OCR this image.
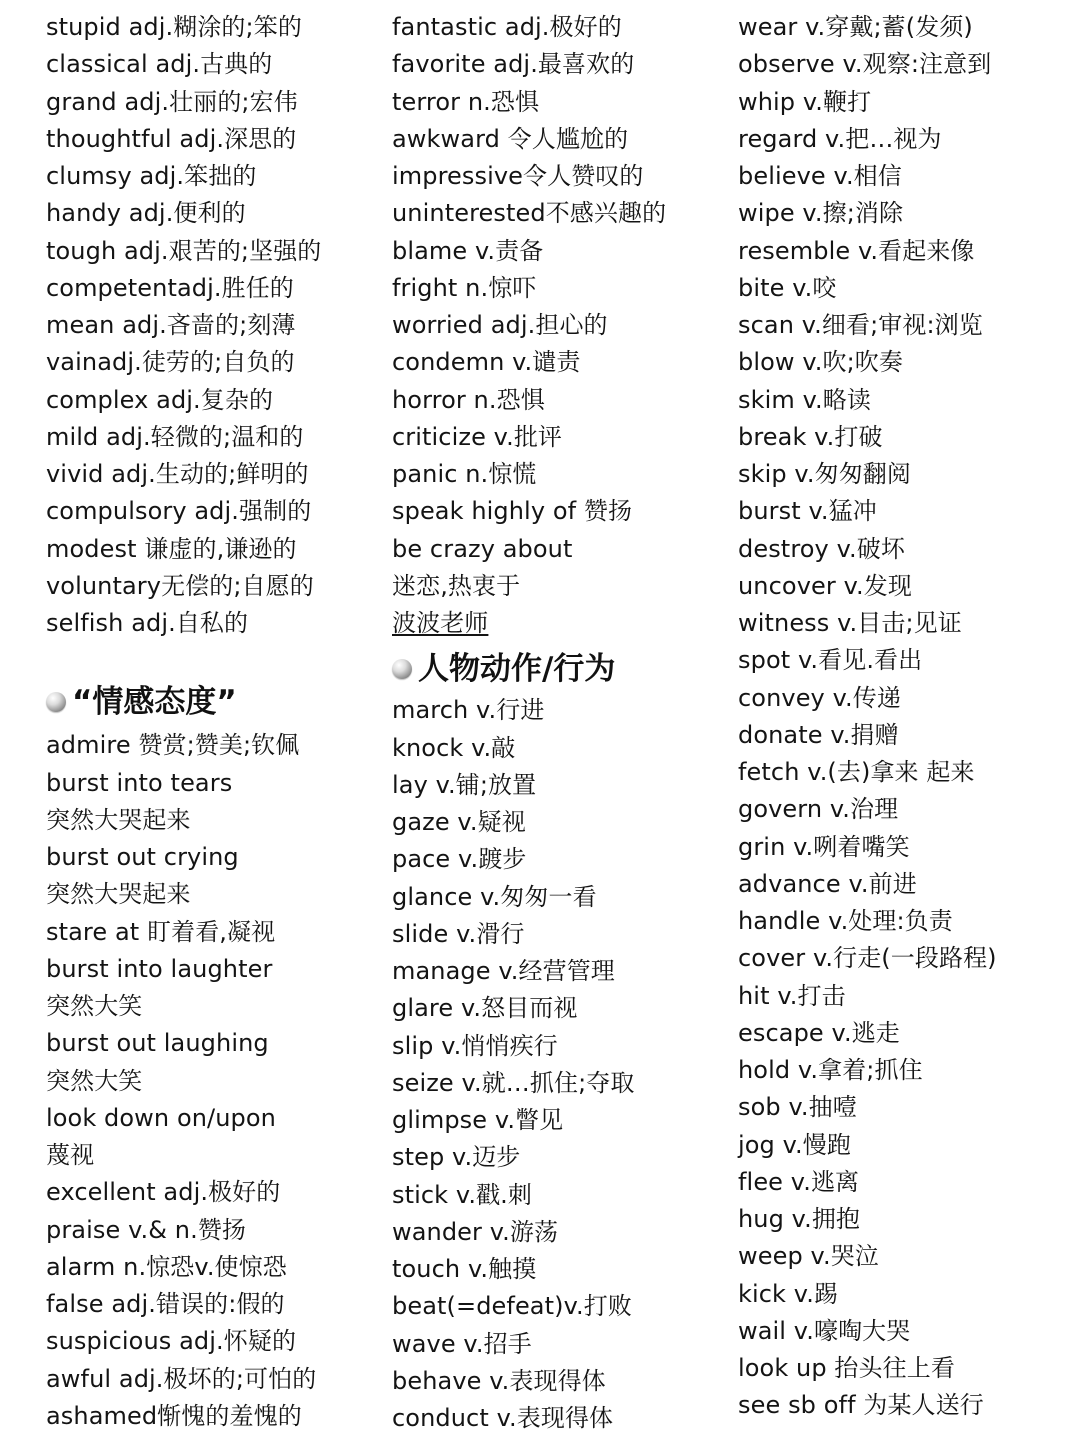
stupid adj.糊涂的;笨的
classical adj.古典的
grand adj.壮丽的;宏伟
thoughtful adj.深思的
clumsy adj.笨拙的
handy adj.便利的
tough adj.艰苦的;坚强的
competentadj.胜任的
mean adj.吝啬的;刻薄
vainadj.徒劳的;自负的
complex adj.复杂的
mild adj.轻微的;温和的
vivid adj.生动的;鲜明的
compulsory adj.强制的
modest 谦虚的,谦逊的
voluntary无偿的;自愿的
selfish adj.自私的
“情感态度”
admire 赞赏;赞美;钦佩
burst into tears
突然大哭起来
burst out crying
突然大哭起来
stare at 盯着看,凝视
burst into laughter
突然大笑
burst out laughing
突然大笑
look down on/upon
蔑视
excellent adj.极好的
praise v.& n.赞扬
alarm n.惊恐v.使惊恐
false adj.错误的:假的
suspicious adj.怀疑的
awful adj.极坏的;可怕的
ashamed惭愧的羞愧的
fantastic adj.极好的
favorite adj.最喜欢的
terror n.恐惧
awkward 令人尴尬的
impressive令人赞叹的
uninterested不感兴趣的
blame v.责备
fright n.惊吓
worried adj.担心的
condemn v.谴责
horror n.恐惧
criticize v.批评
panic n.惊慌
speak highly of 赞扬
be crazy about
迷恋,热衷于
波波老师
人物动作/行为
march v.行进
knock v.敲
lay v.铺;放置
gaze v.疑视
pace v.踱步
glance v.匆匆一看
slide v.滑行
manage v.经营管理
glare v.怒目而视
slip v.悄悄疾行
seize v.就…抓住;夺取
glimpse v.瞥见
step v.迈步
stick v.戳.刺
wander v.游荡
touch v.触摸
beat(=defeat)v.打败
wave v.招手
behave v.表现得体
conduct v.表现得体
wear v.穿戴;蓄(发须)
observe v.观察:注意到
whip v.鞭打
regard v.把…视为
believe v.相信
wipe v.擦;消除
resemble v.看起来像
bite v.咬
scan v.细看;审视:浏览
blow v.吹;吹奏
skim v.略读
break v.打破
skip v.匆匆翻阅
burst v.猛冲
destroy v.破坏
uncover v.发现
witness v.目击;见证
spot v.看见.看出
convey v.传递
donate v.捐赠
fetch v.(去)拿来 起来
govern v.治理
grin v.咧着嘴笑
advance v.前进
handle v.处理:负责
cover v.行走(一段路程)
hit v.打击
escape v.逃走
hold v.拿着;抓住
sob v.抽噎
jog v.慢跑
flee v.逃离
hug v.拥抱
weep v.哭泣
kick v.踢
wail v.嚎啕大哭
look up 抬头往上看
see sb off 为某人送行
